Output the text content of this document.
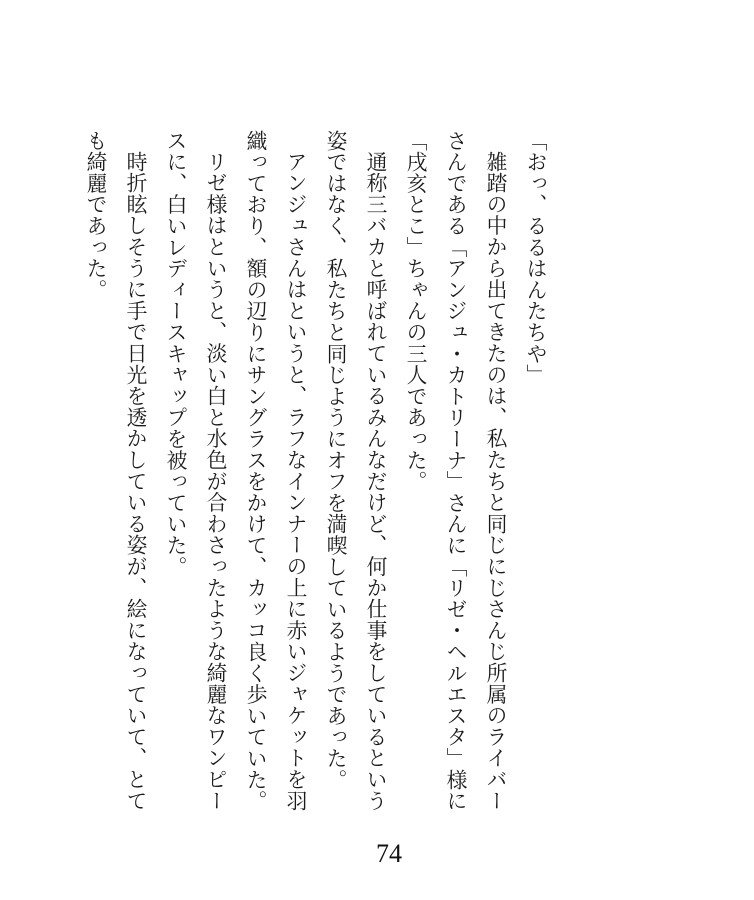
「おっ、るるはんたちや」

雑踏の中から出てきたのは、私たちと同じにじさんじ所属のライバーさんである「アンジュ・カトリーナ」さんに「リゼ・ヘルエスタ」様に「戌亥とこ」ちゃんの三人であった。

通称三バカと呼ばれているみんなだけど、何か仕事をしているという姿ではなく、私たちと同じようにオフを満喫しているようであった。

アンジュさんはというと、ラフなインナーの上に赤いジャケットを羽織っており、額の辺りにサングラスをかけて、カッコ良く歩いていた。

リゼ様はというと、淡い白と水色が合わさったような綺麗なワンピースに、白いレディースキャップを被っていた。

時折眩しそうに手で日光を透かしている姿が、絵になっていて、とても綺麗であった。

74
